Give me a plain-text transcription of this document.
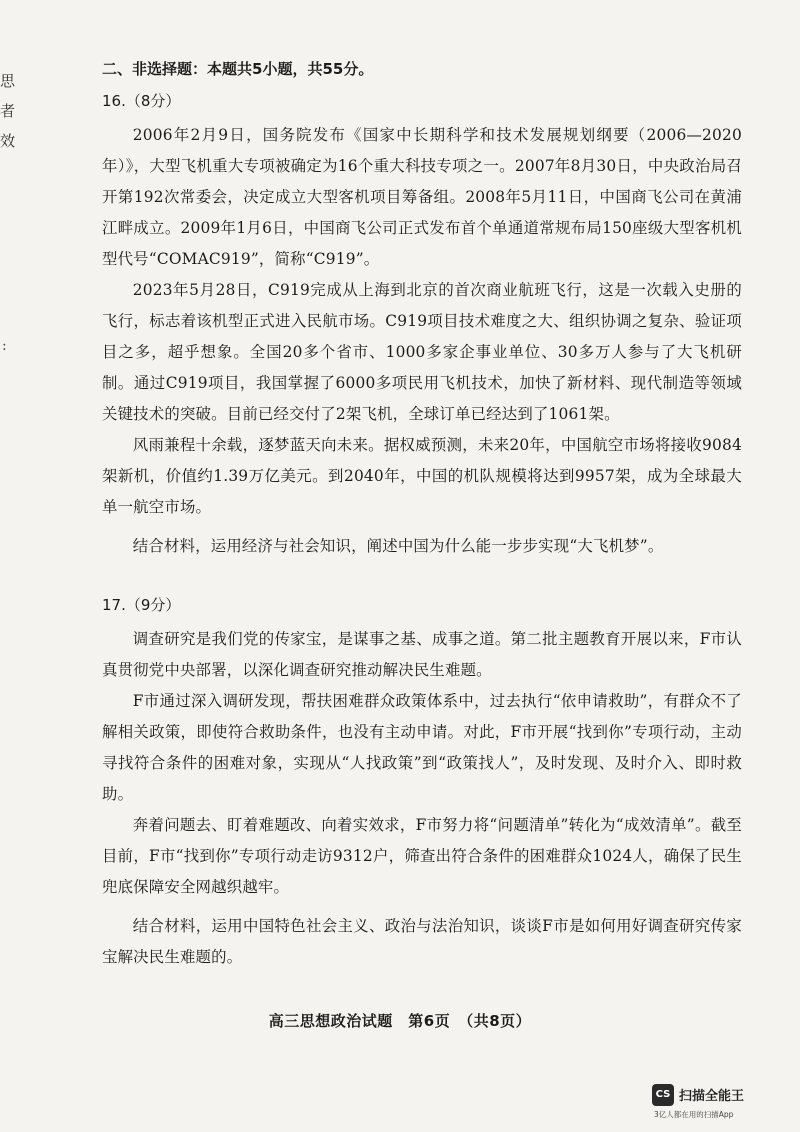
思
者
效
:
二、非选择题：本题共5小题，共55分。
16.（8分）

2006年2月9日，国务院发布《国家中长期科学和技术发展规划纲要（2006—2020年）》，大型飞机重大专项被确定为16个重大科技专项之一。2007年8月30日，中央政治局召开第192次常委会，决定成立大型客机项目筹备组。2008年5月11日，中国商飞公司在黄浦江畔成立。2009年1月6日，中国商飞公司正式发布首个单通道常规布局150座级大型客机机型代号“COMAC919”，简称“C919”。

2023年5月28日，C919完成从上海到北京的首次商业航班飞行，这是一次载入史册的飞行，标志着该机型正式进入民航市场。C919项目技术难度之大、组织协调之复杂、验证项目之多，超乎想象。全国20多个省市、1000多家企事业单位、30多万人参与了大飞机研制。通过C919项目，我国掌握了6000多项民用飞机技术，加快了新材料、现代制造等领域关键技术的突破。目前已经交付了2架飞机，全球订单已经达到了1061架。

风雨兼程十余载，逐梦蓝天向未来。据权威预测，未来20年，中国航空市场将接收9084架新机，价值约1.39万亿美元。到2040年，中国的机队规模将达到9957架，成为全球最大单一航空市场。

结合材料，运用经济与社会知识，阐述中国为什么能一步步实现“大飞机梦”。

17.（9分）

调查研究是我们党的传家宝，是谋事之基、成事之道。第二批主题教育开展以来，F市认真贯彻党中央部署，以深化调查研究推动解决民生难题。

F市通过深入调研发现，帮扶困难群众政策体系中，过去执行“依申请救助”，有群众不了解相关政策，即使符合救助条件，也没有主动申请。对此，F市开展“找到你”专项行动，主动寻找符合条件的困难对象，实现从“人找政策”到“政策找人”，及时发现、及时介入、即时救助。

奔着问题去、盯着难题改、向着实效求，F市努力将“问题清单”转化为“成效清单”。截至目前，F市“找到你”专项行动走访9312户，筛查出符合条件的困难群众1024人，确保了民生兜底保障安全网越织越牢。

结合材料，运用中国特色社会主义、政治与法治知识，谈谈F市是如何用好调查研究传家宝解决民生难题的。

高三思想政治试题　第6页　（共8页）
CS 扫描全能王
3亿人都在用的扫描App
